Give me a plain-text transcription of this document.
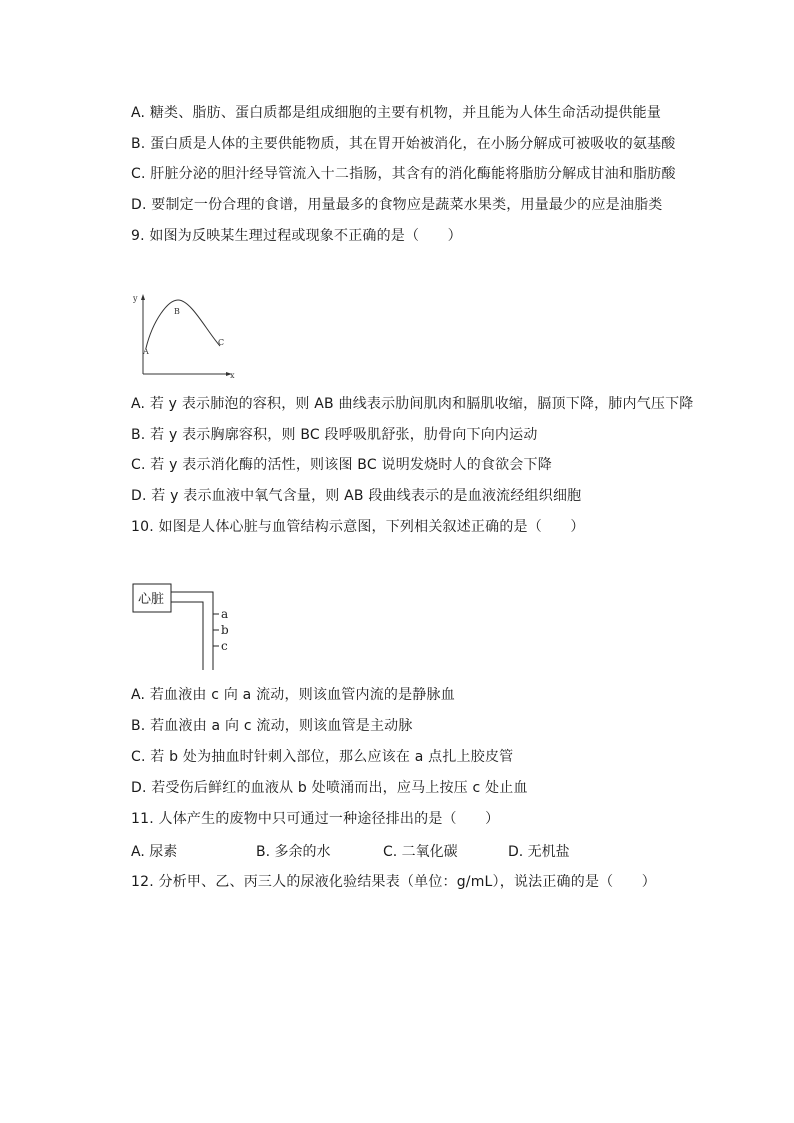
A. 糖类、脂肪、蛋白质都是组成细胞的主要有机物，并且能为人体生命活动提供能量
B. 蛋白质是人体的主要供能物质，其在胃开始被消化，在小肠分解成可被吸收的氨基酸
C. 肝脏分泌的胆汁经导管流入十二指肠，其含有的消化酶能将脂肪分解成甘油和脂肪酸
D. 要制定一份合理的食谱，用量最多的食物应是蔬菜水果类，用量最少的应是油脂类
9. 如图为反映某生理过程或现象不正确的是（　　）
y
x
A
B
C
A. 若 y 表示肺泡的容积，则 AB 曲线表示肋间肌肉和膈肌收缩，膈顶下降，肺内气压下降
B. 若 y 表示胸廓容积，则 BC 段呼吸肌舒张，肋骨向下向内运动
C. 若 y 表示消化酶的活性，则该图 BC 说明发烧时人的食欲会下降
D. 若 y 表示血液中氧气含量，则 AB 段曲线表示的是血液流经组织细胞
10. 如图是人体心脏与血管结构示意图，下列相关叙述正确的是（　　）
心脏
a
b
c
A. 若血液由 c 向 a 流动，则该血管内流的是静脉血
B. 若血液由 a 向 c 流动，则该血管是主动脉
C. 若 b 处为抽血时针刺入部位，那么应该在 a 点扎上胶皮管
D. 若受伤后鲜红的血液从 b 处喷涌而出，应马上按压 c 处止血
11. 人体产生的废物中只可通过一种途径排出的是（　　）
A. 尿素	B. 多余的水	C. 二氧化碳	D. 无机盐
12. 分析甲、乙、丙三人的尿液化验结果表（单位：g/mL），说法正确的是（　　）
